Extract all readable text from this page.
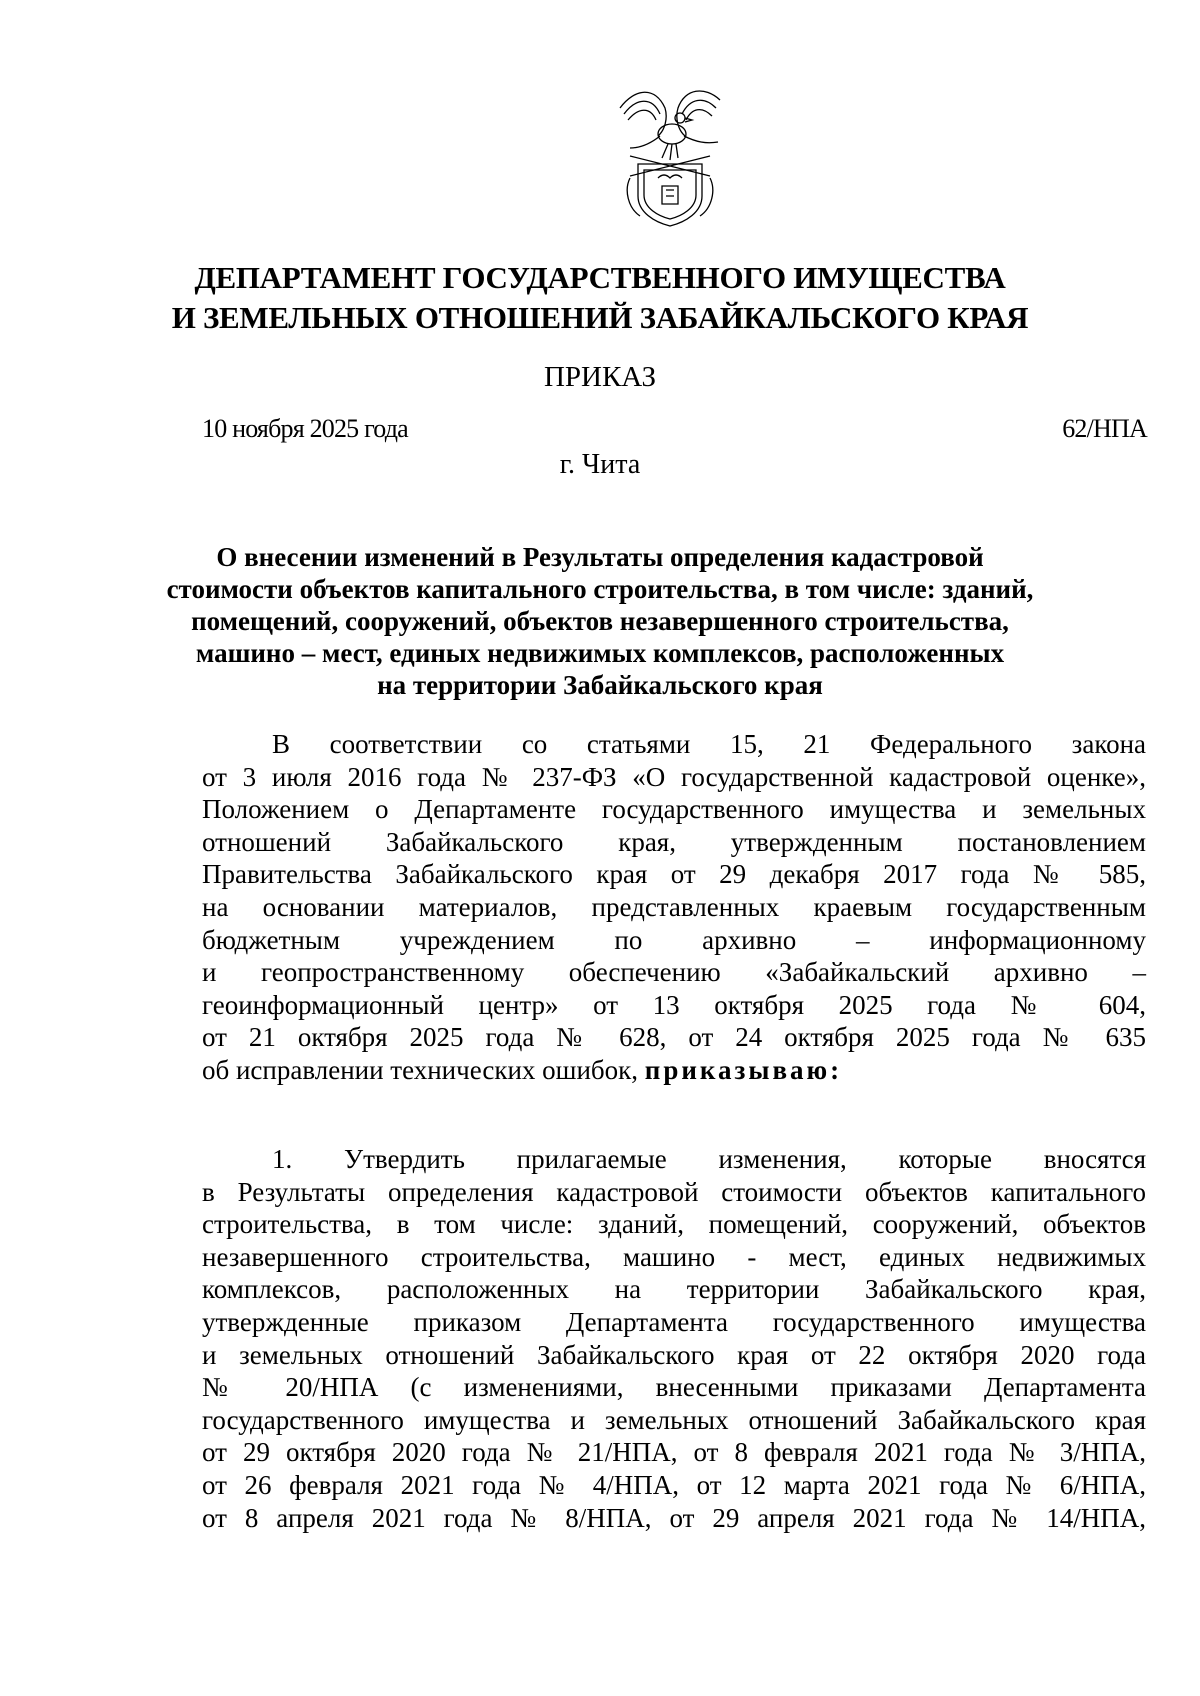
ДЕПАРТАМЕНТ ГОСУДАРСТВЕННОГО ИМУЩЕСТВА
И ЗЕМЕЛЬНЫХ ОТНОШЕНИЙ ЗАБАЙКАЛЬСКОГО КРАЯ
ПРИКАЗ
10 ноября 2025 года	62/НПА
г. Чита
О внесении изменений в Результаты определения кадастровой
стоимости объектов капитального строительства, в том числе: зданий,
помещений, сооружений, объектов незавершенного строительства,
машино – мест, единых недвижимых комплексов, расположенных
на территории Забайкальского края
В соответствии со статьями 15, 21 Федерального закона
от 3 июля 2016 года № 237-ФЗ «О государственной кадастровой оценке»,
Положением о Департаменте государственного имущества и земельных
отношений Забайкальского края, утвержденным постановлением
Правительства Забайкальского края от 29 декабря 2017 года № 585,
на основании материалов, представленных краевым государственным
бюджетным учреждением по архивно – информационному
и геопространственному обеспечению «Забайкальский архивно –
геоинформационный центр» от 13 октября 2025 года № 604,
от 21 октября 2025 года № 628, от 24 октября 2025 года № 635
об исправлении технических ошибок, приказываю:
1. Утвердить прилагаемые изменения, которые вносятся
в Результаты определения кадастровой стоимости объектов капитального
строительства, в том числе: зданий, помещений, сооружений, объектов
незавершенного строительства, машино - мест, единых недвижимых
комплексов, расположенных на территории Забайкальского края,
утвержденные приказом Департамента государственного имущества
и земельных отношений Забайкальского края от 22 октября 2020 года
№ 20/НПА (с изменениями, внесенными приказами Департамента
государственного имущества и земельных отношений Забайкальского края
от 29 октября 2020 года № 21/НПА, от 8 февраля 2021 года № 3/НПА,
от 26 февраля 2021 года № 4/НПА, от 12 марта 2021 года № 6/НПА,
от 8 апреля 2021 года № 8/НПА, от 29 апреля 2021 года № 14/НПА,
